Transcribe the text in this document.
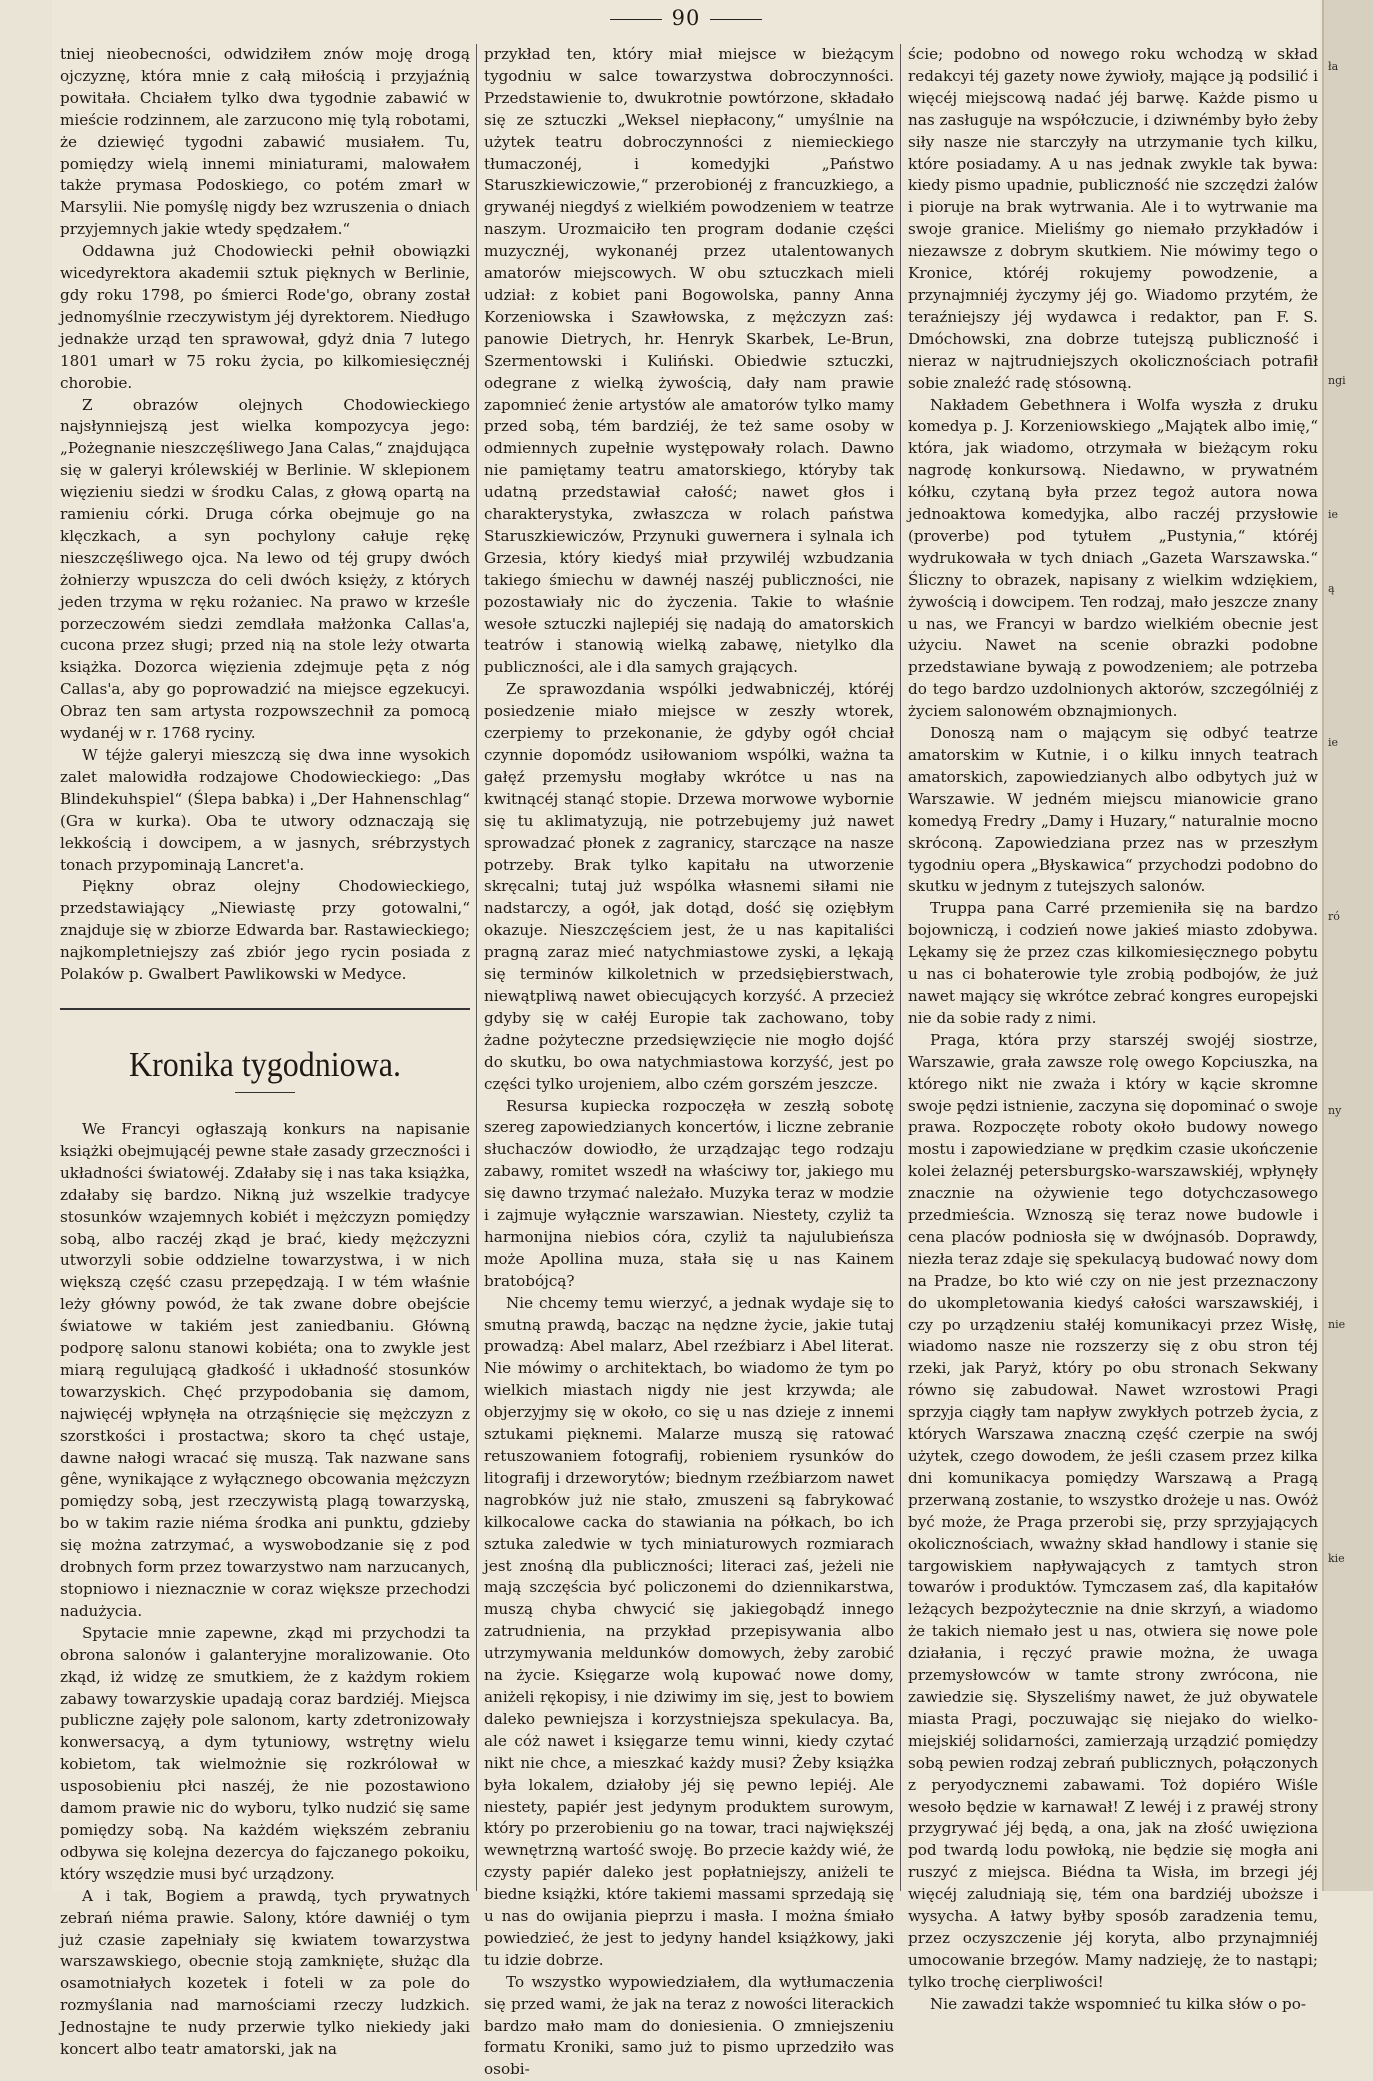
90

tniej nieobecności, odwidziłem znów moję drogą ojczyznę, która mnie z całą miłością i przyjaźnią powitała. Chciałem tylko dwa tygodnie zabawić w mieście rodzinnem, ale zarzucono mię tylą robotami, że dziewięć tygodni zabawić musiałem. Tu, pomiędzy wielą innemi miniaturami, malowałem także prymasa Podoskiego, co potém zmarł w Marsylii. Nie pomyślę nigdy bez wzruszenia o dniach przyjemnych jakie wtedy spędzałem.“

Oddawna już Chodowiecki pełnił obowiązki wicedyrektora akademii sztuk pięknych w Berlinie, gdy roku 1798, po śmierci Rode'go, obrany został jednomyślnie rzeczywistym jéj dyrektorem. Niedługo jednakże urząd ten sprawował, gdyż dnia 7 lutego 1801 umarł w 75 roku życia, po kilkomiesięcznéj chorobie.

Z obrazów olejnych Chodowieckiego najsłynniejszą jest wielka kompozycya jego: „Pożegnanie nieszczęśliwego Jana Calas,“ znajdująca się w galeryi królewskiéj w Berlinie. W sklepionem więzieniu siedzi w środku Calas, z głową opartą na ramieniu córki. Druga córka obejmuje go na klęczkach, a syn pochylony całuje rękę nieszczęśliwego ojca. Na lewo od téj grupy dwóch żołnierzy wpuszcza do celi dwóch księży, z których jeden trzyma w ręku rożaniec. Na prawo w krześle porzeczowém siedzi zemdlała małżonka Callas'a, cucona przez sługi; przed nią na stole leży otwarta książka. Dozorca więzienia zdejmuje pęta z nóg Callas'a, aby go poprowadzić na miejsce egzekucyi. Obraz ten sam artysta rozpowszechnił za pomocą wydanéj w r. 1768 ryciny.

W téjże galeryi mieszczą się dwa inne wysokich zalet malowidła rodzajowe Chodowieckiego: „Das Blindekuhspiel“ (Ślepa babka) i „Der Hahnenschlag“ (Gra w kurka). Oba te utwory odznaczają się lekkością i dowcipem, a w jasnych, srébrzystych tonach przypominają Lancret'a.

Piękny obraz olejny Chodowieckiego, przedstawiający „Niewiastę przy gotowalni,“ znajduje się w zbiorze Edwarda bar. Rastawieckiego; najkompletniejszy zaś zbiór jego rycin posiada z Polaków p. Gwalbert Pawlikowski w Medyce.

Kronika tygodniowa.

We Francyi ogłaszają konkurs na napisanie książki obejmującéj pewne stałe zasady grzeczności i układności światowéj. Zdałaby się i nas taka książka, zdałaby się bardzo. Nikną już wszelkie tradycye stosunków wzajemnych kobiét i mężczyzn pomiędzy sobą, albo raczéj zkąd je brać, kiedy mężczyzni utworzyli sobie oddzielne towarzystwa, i w nich większą część czasu przepędzają. I w tém właśnie leży główny powód, że tak zwane dobre obejście światowe w takiém jest zaniedbaniu. Główną podporę salonu stanowi kobiéta; ona to zwykle jest miarą regulującą gładkość i układność stosunków towarzyskich. Chęć przypodobania się damom, najwięcéj wpłynęła na otrząśnięcie się mężczyzn z szorstkości i prostactwa; skoro ta chęć ustaje, dawne nałogi wracać się muszą. Tak nazwane sans gêne, wynikające z wyłącznego obcowania mężczyzn pomiędzy sobą, jest rzeczywistą plagą towarzyską, bo w takim razie niéma środka ani punktu, gdzieby się można zatrzymać, a wyswobodzanie się z pod drobnych form przez towarzystwo nam narzucanych, stopniowo i nieznacznie w coraz większe przechodzi nadużycia.

Spytacie mnie zapewne, zkąd mi przychodzi ta obrona salonów i galanteryjne moralizowanie. Oto zkąd, iż widzę ze smutkiem, że z każdym rokiem zabawy towarzyskie upadają coraz bardziéj. Miejsca publiczne zajęły pole salonom, karty zdetronizowały konwersacyą, a dym tytuniowy, wstrętny wielu kobietom, tak wielmożnie się rozkrólował w usposobieniu płci naszéj, że nie pozostawiono damom prawie nic do wyboru, tylko nudzić się same pomiędzy sobą. Na każdém większém zebraniu odbywa się kolejna dezercya do fajczanego pokoiku, który wszędzie musi być urządzony.

A i tak, Bogiem a prawdą, tych prywatnych zebrań niéma prawie. Salony, które dawniéj o tym już czasie zapełniały się kwiatem towarzystwa warszawskiego, obecnie stoją zamknięte, służąc dla osamotniałych kozetek i foteli w za pole do rozmyślania nad marnościami rzeczy ludzkich. Jednostajne te nudy przerwie tylko niekiedy jaki koncert albo teatr amatorski, jak na

przykład ten, który miał miejsce w bieżącym tygodniu w salce towarzystwa dobroczynności. Przedstawienie to, dwukrotnie powtórzone, składało się ze sztuczki „Weksel niepłacony,“ umyślnie na użytek teatru dobroczynności z niemieckiego tłumaczonéj, i komedyjki „Państwo Staruszkiewiczowie,“ przerobionéj z francuzkiego, a grywanéj niegdyś z wielkiém powodzeniem w teatrze naszym. Urozmaiciło ten program dodanie części muzycznéj, wykonanéj przez utalentowanych amatorów miejscowych. W obu sztuczkach mieli udział: z kobiet pani Bogowolska, panny Anna Korzeniowska i Szawłowska, z mężczyzn zaś: panowie Dietrych, hr. Henryk Skarbek, Le-Brun, Szermentowski i Kuliński. Obiedwie sztuczki, odegrane z wielką żywością, dały nam prawie zapomnieć żenie artystów ale amatorów tylko mamy przed sobą, tém bardziéj, że też same osoby w odmiennych zupełnie występowały rolach. Dawno nie pamiętamy teatru amatorskiego, któryby tak udatną przedstawiał całość; nawet głos i charakterystyka, zwłaszcza w rolach państwa Staruszkiewiczów, Przynuki guwernera i sylnala ich Grzesia, który kiedyś miał przywiléj wzbudzania takiego śmiechu w dawnéj naszéj publiczności, nie pozostawiały nic do życzenia. Takie to właśnie wesołe sztuczki najlepiéj się nadają do amatorskich teatrów i stanowią wielką zabawę, nietylko dla publiczności, ale i dla samych grających.

Ze sprawozdania wspólki jedwabniczéj, któréj posiedzenie miało miejsce w zeszły wtorek, czerpiemy to przekonanie, że gdyby ogół chciał czynnie dopomódz usiłowaniom wspólki, ważna ta gałęź przemysłu mogłaby wkrótce u nas na kwitnącéj stanąć stopie. Drzewa morwowe wybornie się tu aklimatyzują, nie potrzebujemy już nawet sprowadzać płonek z zagranicy, starczące na nasze potrzeby. Brak tylko kapitału na utworzenie skręcalni; tutaj już wspólka własnemi siłami nie nadstarczy, a ogół, jak dotąd, dość się oziębłym okazuje. Nieszczęściem jest, że u nas kapitaliści pragną zaraz mieć natychmiastowe zyski, a lękają się terminów kilkoletnich w przedsiębierstwach, niewątpliwą nawet obiecujących korzyść. A przecież gdyby się w całéj Europie tak zachowano, toby żadne pożyteczne przedsięwzięcie nie mogło dojść do skutku, bo owa natychmiastowa korzyść, jest po części tylko urojeniem, albo czém gorszém jeszcze.

Resursa kupiecka rozpoczęła w zeszłą sobotę szereg zapowiedzianych koncertów, i liczne zebranie słuchaczów dowiodło, że urządzając tego rodzaju zabawy, romitet wszedł na właściwy tor, jakiego mu się dawno trzymać należało. Muzyka teraz w modzie i zajmuje wyłącznie warszawian. Niestety, czyliż ta harmonijna niebios córa, czyliż ta najulubieńsza może Apollina muza, stała się u nas Kainem bratobójcą?

Nie chcemy temu wierzyć, a jednak wydaje się to smutną prawdą, bacząc na nędzne życie, jakie tutaj prowadzą: Abel malarz, Abel rzeźbiarz i Abel literat. Nie mówimy o architektach, bo wiadomo że tym po wielkich miastach nigdy nie jest krzywda; ale objerzyjmy się w około, co się u nas dzieje z innemi sztukami pięknemi. Malarze muszą się ratować retuszowaniem fotografij, robieniem rysunków do litografij i drzeworytów; biednym rzeźbiarzom nawet nagrobków już nie stało, zmuszeni są fabrykować kilkocalowe cacka do stawiania na półkach, bo ich sztuka zaledwie w tych miniaturowych rozmiarach jest znośną dla publiczności; literaci zaś, jeżeli nie mają szczęścia być policzonemi do dziennikarstwa, muszą chyba chwycić się jakiegobądź innego zatrudnienia, na przykład przepisywania albo utrzymywania meldunków domowych, żeby zarobić na życie. Księgarze wolą kupować nowe domy, aniżeli rękopisy, i nie dziwimy im się, jest to bowiem daleko pewniejsza i korzystniejsza spekulacya. Ba, ale cóż nawet i księgarze temu winni, kiedy czytać nikt nie chce, a mieszkać każdy musi? Żeby książka była lokalem, działoby jéj się pewno lepiéj. Ale niestety, papiér jest jedynym produktem surowym, który po przerobieniu go na towar, traci największéj wewnętrzną wartość swoję. Bo przecie każdy wié, że czysty papiér daleko jest popłatniejszy, aniżeli te biedne książki, które takiemi massami sprzedają się u nas do owijania pieprzu i masła. I można śmiało powiedzieć, że jest to jedyny handel książkowy, jaki tu idzie dobrze.

To wszystko wypowiedziałem, dla wytłumaczenia się przed wami, że jak na teraz z nowości literackich bardzo mało mam do doniesienia. O zmniejszeniu formatu Kroniki, samo już to pismo uprzedziło was osobi-

ście; podobno od nowego roku wchodzą w skład redakcyi téj gazety nowe żywioły, mające ją podsilić i więcéj miejscową nadać jéj barwę. Każde pismo u nas zasługuje na współczucie, i dziwnémby było żeby siły nasze nie starczyły na utrzymanie tych kilku, które posiadamy. A u nas jednak zwykle tak bywa: kiedy pismo upadnie, publiczność nie szczędzi żalów i pioruje na brak wytrwania. Ale i to wytrwanie ma swoje granice. Mieliśmy go niemało przykładów i niezawsze z dobrym skutkiem. Nie mówimy tego o Kronice, któréj rokujemy powodzenie, a przynajmniéj życzymy jéj go. Wiadomo przytém, że teraźniejszy jéj wydawca i redaktor, pan F. S. Dmóchowski, zna dobrze tutejszą publiczność i nieraz w najtrudniejszych okolicznościach potrafił sobie znaleźć radę stósowną.

Nakładem Gebethnera i Wolfa wyszła z druku komedya p. J. Korzeniowskiego „Majątek albo imię,“ która, jak wiadomo, otrzymała w bieżącym roku nagrodę konkursową. Niedawno, w prywatném kółku, czytaną była przez tegoż autora nowa jednoaktowa komedyjka, albo raczéj przysłowie (proverbe) pod tytułem „Pustynia,“ któréj wydrukowała w tych dniach „Gazeta Warszawska.“ Śliczny to obrazek, napisany z wielkim wdziękiem, żywością i dowcipem. Ten rodzaj, mało jeszcze znany u nas, we Francyi w bardzo wielkiém obecnie jest użyciu. Nawet na scenie obrazki podobne przedstawiane bywają z powodzeniem; ale potrzeba do tego bardzo uzdolnionych aktorów, szczególniéj z życiem salonowém obznajmionych.

Donoszą nam o mającym się odbyć teatrze amatorskim w Kutnie, i o kilku innych teatrach amatorskich, zapowiedzianych albo odbytych już w Warszawie. W jedném miejscu mianowicie grano komedyą Fredry „Damy i Huzary,“ naturalnie mocno skróconą. Zapowiedziana przez nas w przeszłym tygodniu opera „Błyskawica“ przychodzi podobno do skutku w jednym z tutejszych salonów.

Truppa pana Carré przemieniła się na bardzo bojowniczą, i codzień nowe jakieś miasto zdobywa. Lękamy się że przez czas kilkomiesięcznego pobytu u nas ci bohaterowie tyle zrobią podbojów, że już nawet mający się wkrótce zebrać kongres europejski nie da sobie rady z nimi.

Praga, która przy starszéj swojéj siostrze, Warszawie, grała zawsze rolę owego Kopciuszka, na którego nikt nie zważa i który w kącie skromne swoje pędzi istnienie, zaczyna się dopominać o swoje prawa. Rozpoczęte roboty około budowy nowego mostu i zapowiedziane w prędkim czasie ukończenie kolei żelaznéj petersburgsko-warszawskiéj, wpłynęły znacznie na ożywienie tego dotychczasowego przedmieścia. Wznoszą się teraz nowe budowle i cena placów podniosła się w dwójnasób. Doprawdy, niezła teraz zdaje się spekulacyą budować nowy dom na Pradze, bo kto wié czy on nie jest przeznaczony do ukompletowania kiedyś całości warszawskiéj, i czy po urządzeniu stałéj komunikacyi przez Wisłę, wiadomo nasze nie rozszerzy się z obu stron téj rzeki, jak Paryż, który po obu stronach Sekwany równo się zabudował. Nawet wzrostowi Pragi sprzyja ciągły tam napływ zwykłych potrzeb życia, z których Warszawa znaczną część czerpie na swój użytek, czego dowodem, że jeśli czasem przez kilka dni komunikacya pomiędzy Warszawą a Pragą przerwaną zostanie, to wszystko drożeje u nas. Owóż być może, że Praga przerobi się, przy sprzyjających okolicznościach, wważny skład handlowy i stanie się targowiskiem napływających z tamtych stron towarów i produktów. Tymczasem zaś, dla kapitałów leżących bezpożytecznie na dnie skrzyń, a wiadomo że takich niemało jest u nas, otwiera się nowe pole działania, i ręczyć prawie można, że uwaga przemysłowców w tamte strony zwrócona, nie zawiedzie się. Słyszeliśmy nawet, że już obywatele miasta Pragi, poczuwając się niejako do wielko-miejskiéj solidarności, zamierzają urządzić pomiędzy sobą pewien rodzaj zebrań publicznych, połączonych z peryodycznemi zabawami. Toż dopiéro Wiśle wesoło będzie w karnawał! Z lewéj i z prawéj strony przygrywać jéj będą, a ona, jak na złość uwięziona pod twardą lodu powłoką, nie będzie się mogła ani ruszyć z miejsca. Biédna ta Wisła, im brzegi jéj więcéj zaludniają się, tém ona bardziéj uboższe i wysycha. A łatwy byłby sposób zaradzenia temu, przez oczyszczenie jéj koryta, albo przynajmniéj umocowanie brzegów. Mamy nadzieję, że to nastąpi; tylko trochę cierpliwości!

Nie zawadzi także wspomnieć tu kilka słów o po-

ła
ngi
ie
ą
ie
ró
ny
nie
kie
